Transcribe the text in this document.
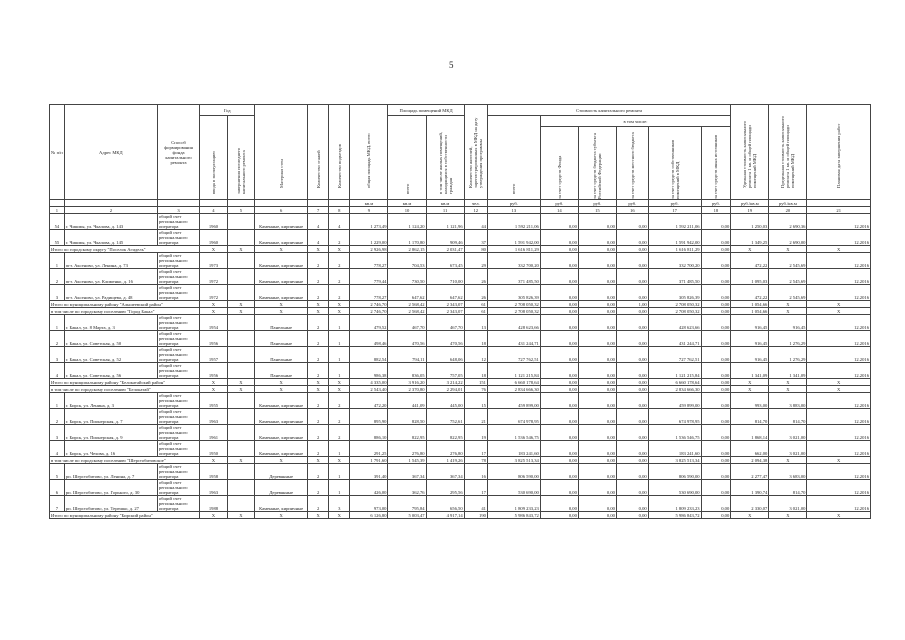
5
№ п/п	Адрес МКД	Способ формирования фонда капитального ремонта	Год		Материал стен	Количество этажей	Количество подъездов	общая площадь МКД, всего	Площадь помещений МКД		Количество жителей, зарегистрированных в МКД на дату утверждения программы	Стоимость капитального ремонта						Удельная стоимость капитального ремонта 1 кв. м общей площади помещений МКД	Предельная стоимость капитального ремонта 1 кв. м общей площади помещений МКД	Плановая дата завершения работ

			ввода в эксплуатацию	завершения последнего капитального ремонта					всего	в том числе жилых помещений, находящихся в собственности граждан		всего	в том числе:							

													за счет средств Фонда	за счет средств бюджета субъекта Российской Федерации	за счет средств местного бюджета	за счет средств собственников помещений в МКД	за счет средств иных источников			

								кв.м	кв.м	кв.м	чел.	руб.	руб.	руб.	руб.	руб.	руб.	руб./кв.м	руб./кв.м	
1	2	3	4	5	6	7	8	9	10	11	12	13	14	15	16	17	18	19	20	21
54	г. Чишмы, ул. Чкалова, д. 143	общий счет регионального оператора	1960		Каменные, кирпичные	4	4	1 273,49	1 124,20	1 121,96	44	1 592 211,06	0,00	0,00	0,00	1 592 211,06	0,00	1 250,03	2 690,36	12.2016
55	г. Чишмы, ул. Чкалова, д. 145	общий счет регионального оператора	1960		Каменные, кирпичные	4	2	1 229,00	1 170,80	909,46	37	1 591 942,00	0,00	0,00	0,00	1 591 942,00	0,00	1 349,25	2 690,00	12.2016
Итого по городскому округу "Поселок Агидель"			X	X	X	X	X	2 926,98	2 862,15	2 031,47	80	1 616 811,29	0,00	0,00	0,00	1 616 811,29	0,00	X	X	X
1	пгт. Аксеново, ул. Ленина, д. 73	общий счет регионального оператора	1973		Каменные, кирпичные	2	2	778,27	704,53	673,45	29	332 700,20	0,00	0,00	0,00	332 700,20	0,00	472,22	2 545,69	12.2016
2	пгт. Аксеново, ул. Клименко, д. 16	общий счет регионального оператора	1972		Каменные, кирпичные	2	2	779,44	730,50	710,00	26	371 485,50	0,00	0,00	0,00	371 485,50	0,00	1 095,03	2 545,69	12.2016
3	пгт. Аксеново, ул. Радищева, д. 48	общий счет регионального оператора	1972		Каменные, кирпичные	2	2	778,27	647,62	647,62	26	305 826,39	0,00	0,00	0,00	305 826,39	0,00	472,22	2 545,69	12.2016
Итого по муниципальному району "Альшеевский район"			X	X	X	X	X	2 746,70	2 568,42	2 343,07	61	2 708 050,32	0,00	0,00	1,00	2 708 050,32	0,00	1 054,66	X	X
в том числе по городскому поселению "Город Бакал"			X	X	X	X	X	2 746,70	2 568,42	2 343,07	61	2 708 050,32	0,00	0,00	0,00	2 708 050,32	0,00	1 054,66	X	X
1	г. Бакал, ул. 8 Марта, д. 3	общий счет регионального оператора	1954		Панельные	2	1	479,52	467,70	467,70	13	428 623,66	0,00	0,00	0,00	428 623,66	0,00	916,45	916,45	12.2016
2	г. Бакал, ул. Советская, д. 50	общий счет регионального оператора	1956		Панельные	2	1	498,46	470,56	470,56	18	431 244,71	0,00	0,00	0,00	431 244,71	0,00	916,45	1 276,29	12.2016
3	г. Бакал, ул. Советская, д. 52	общий счет регионального оператора	1957		Панельные	2	1	882,54	794,11	648,06	12	727 762,51	0,00	0,00	0,00	727 762,51	0,00	916,45	1 276,29	12.2016
4	г. Бакал, ул. Советская, д. 56	общий счет регионального оператора	1956		Панельные	2	1	986,38	836,05	757,05	18	1 121 215,84	0,00	0,00	0,00	1 121 215,84	0,00	1 341,09	1 341,09	12.2016
Итого по муниципальному району "Белокатайский район"			X	X	X	X	X	4 335,00	3 916,20	3 214,22	151	6 660 178,64	0,00	0,00	0,00	6 660 178,64	0,00	X	X	X
в том числе по городскому поселению "Белокатай"			X	X	X	X	X	2 543,40	2 370,80	2 294,01	76	2 834 666,30	0,00	0,00	0,00	2 834 666,30	0,00	X	X	X
1	г. Бирск, ул. Ленина, д. 3	общий счет регионального оператора	1955		Каменные, кирпичные	2	2	472,20	441,09	445,00	15	459 899,00	0,00	0,00	0,00	459 899,00	0,00	993,00	3 883,00	12.2016
2	г. Бирск, ул. Пионерская, д. 7	общий счет регионального оператора	1963		Каменные, кирпичные	2	2	895,90	828,50	752,61	21	674 978,95	0,00	0,00	0,00	674 978,95	0,00	814,70	814,70	12.2016
3	г. Бирск, ул. Пионерская, д. 9	общий счет регионального оператора	1961		Каменные, кирпичные	2	2	886,10	822,95	822,95	19	1 536 546,75	0,00	0,00	0,00	1 536 546,75	0,00	1 868,14	3 021,00	12.2016
4	г. Бирск, ул. Чехова, д. 16	общий счет регионального оператора	1950		Каменные, кирпичные	2	1	291,25	276,80	276,80	17	183 241,60	0,00	0,00	0,00	183 241,60	0,00	662,00	3 021,00	12.2016
в том числе по городскому поселению "Шерстобитовское"			X	X	X	X	X	1 791,60	1 545,39	1 419,26	78	3 825 513,34	0,00	0,00	0,00	3 825 513,34	0,00	2 094,38	X	X
5	рп. Шерстобитово, ул. Ленина, д. 7	общий счет регионального оператора	1958		Деревянные	2	1	391,40	367,34	367,34	16	806 590,00	0,00	0,00	0,00	806 590,00	0,00	2 277,47	3 683,00	12.2016
6	рп. Шерстобитово, ул. Горького, д. 30	общий счет регионального оператора	1963		Деревянные	2	1	426,00	362,76	295,56	17	530 690,00	0,00	0,00	0,00	530 690,00	0,00	1 390,74	814,70	12.2016
7	рп. Шерстобитово, ул. Терешко, д. 27	общий счет регионального оператора	1988		Каменные, кирпичные	2	3	973,00	795,84	656,50	41	1 809 233,23	0,00	0,00	0,00	1 809 233,23	0,00	2 330,07	3 021,00	12.2016
Итого по муниципальному району "Бирский район"			X	X	X	X	X	6 126,80	5 003,47	4 917,14	190	5 986 843,72	0,00	0,00	0,00	5 986 843,72	0,00	X	X	X
